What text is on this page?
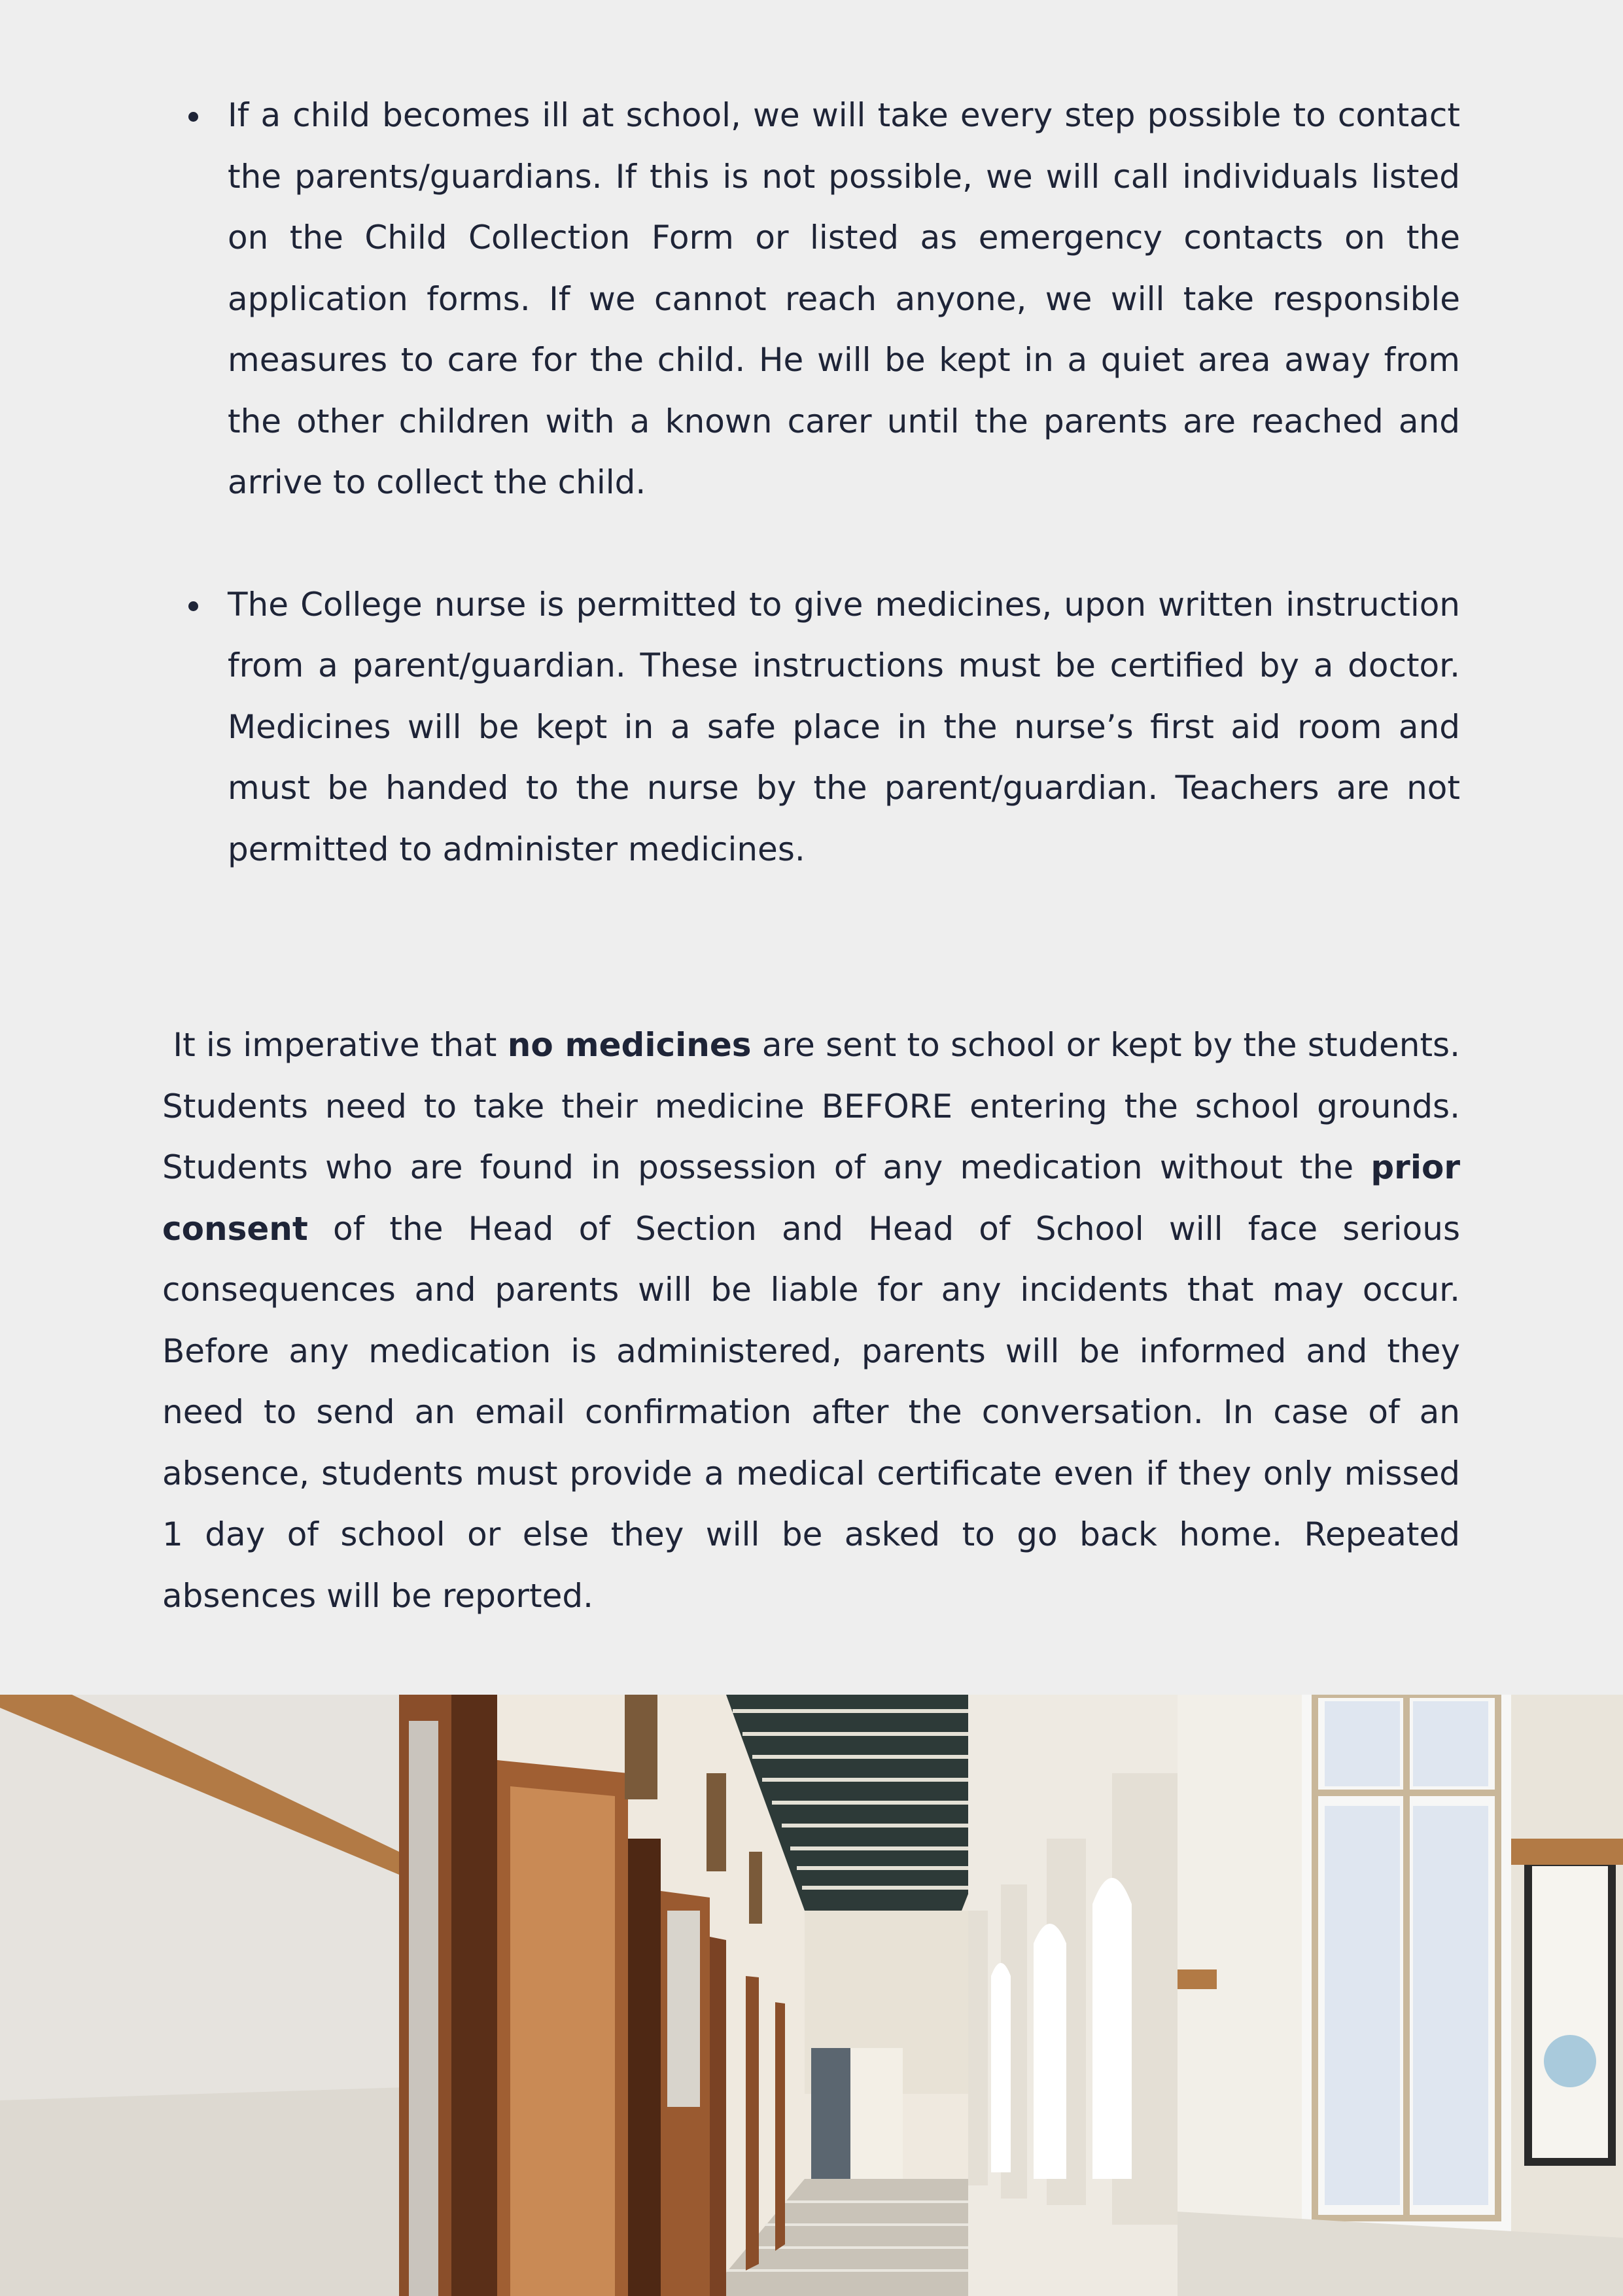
If a child becomes ill at school, we will take every step possible to contact the parents/guardians. If this is not possible, we will call individuals listed on the Child Collection Form or listed as emergency contacts on the application forms. If we cannot reach anyone, we will take responsible measures to care for the child. He will be kept in a quiet area away from the other children with a known carer until the parents are reached and arrive to collect the child.
The College nurse is permitted to give medicines, upon written instruction from a parent/guardian. These instructions must be certified by a doctor. Medicines will be kept in a safe place in the nurse’s first aid room and must be handed to the nurse by the parent/guardian. Teachers are not permitted to administer medicines.

It is imperative that no medicines are sent to school or kept by the students. Students need to take their medicine BEFORE entering the school grounds. Students who are found in possession of any medication without the prior consent of the Head of Section and Head of School will face serious consequences and parents will be liable for any incidents that may occur. Before any medication is administered, parents will be informed and they need to send an email confirmation after the conversation. In case of an absence, students must provide a medical certificate even if they only missed 1 day of school or else they will be asked to go back home. Repeated absences will be reported.
